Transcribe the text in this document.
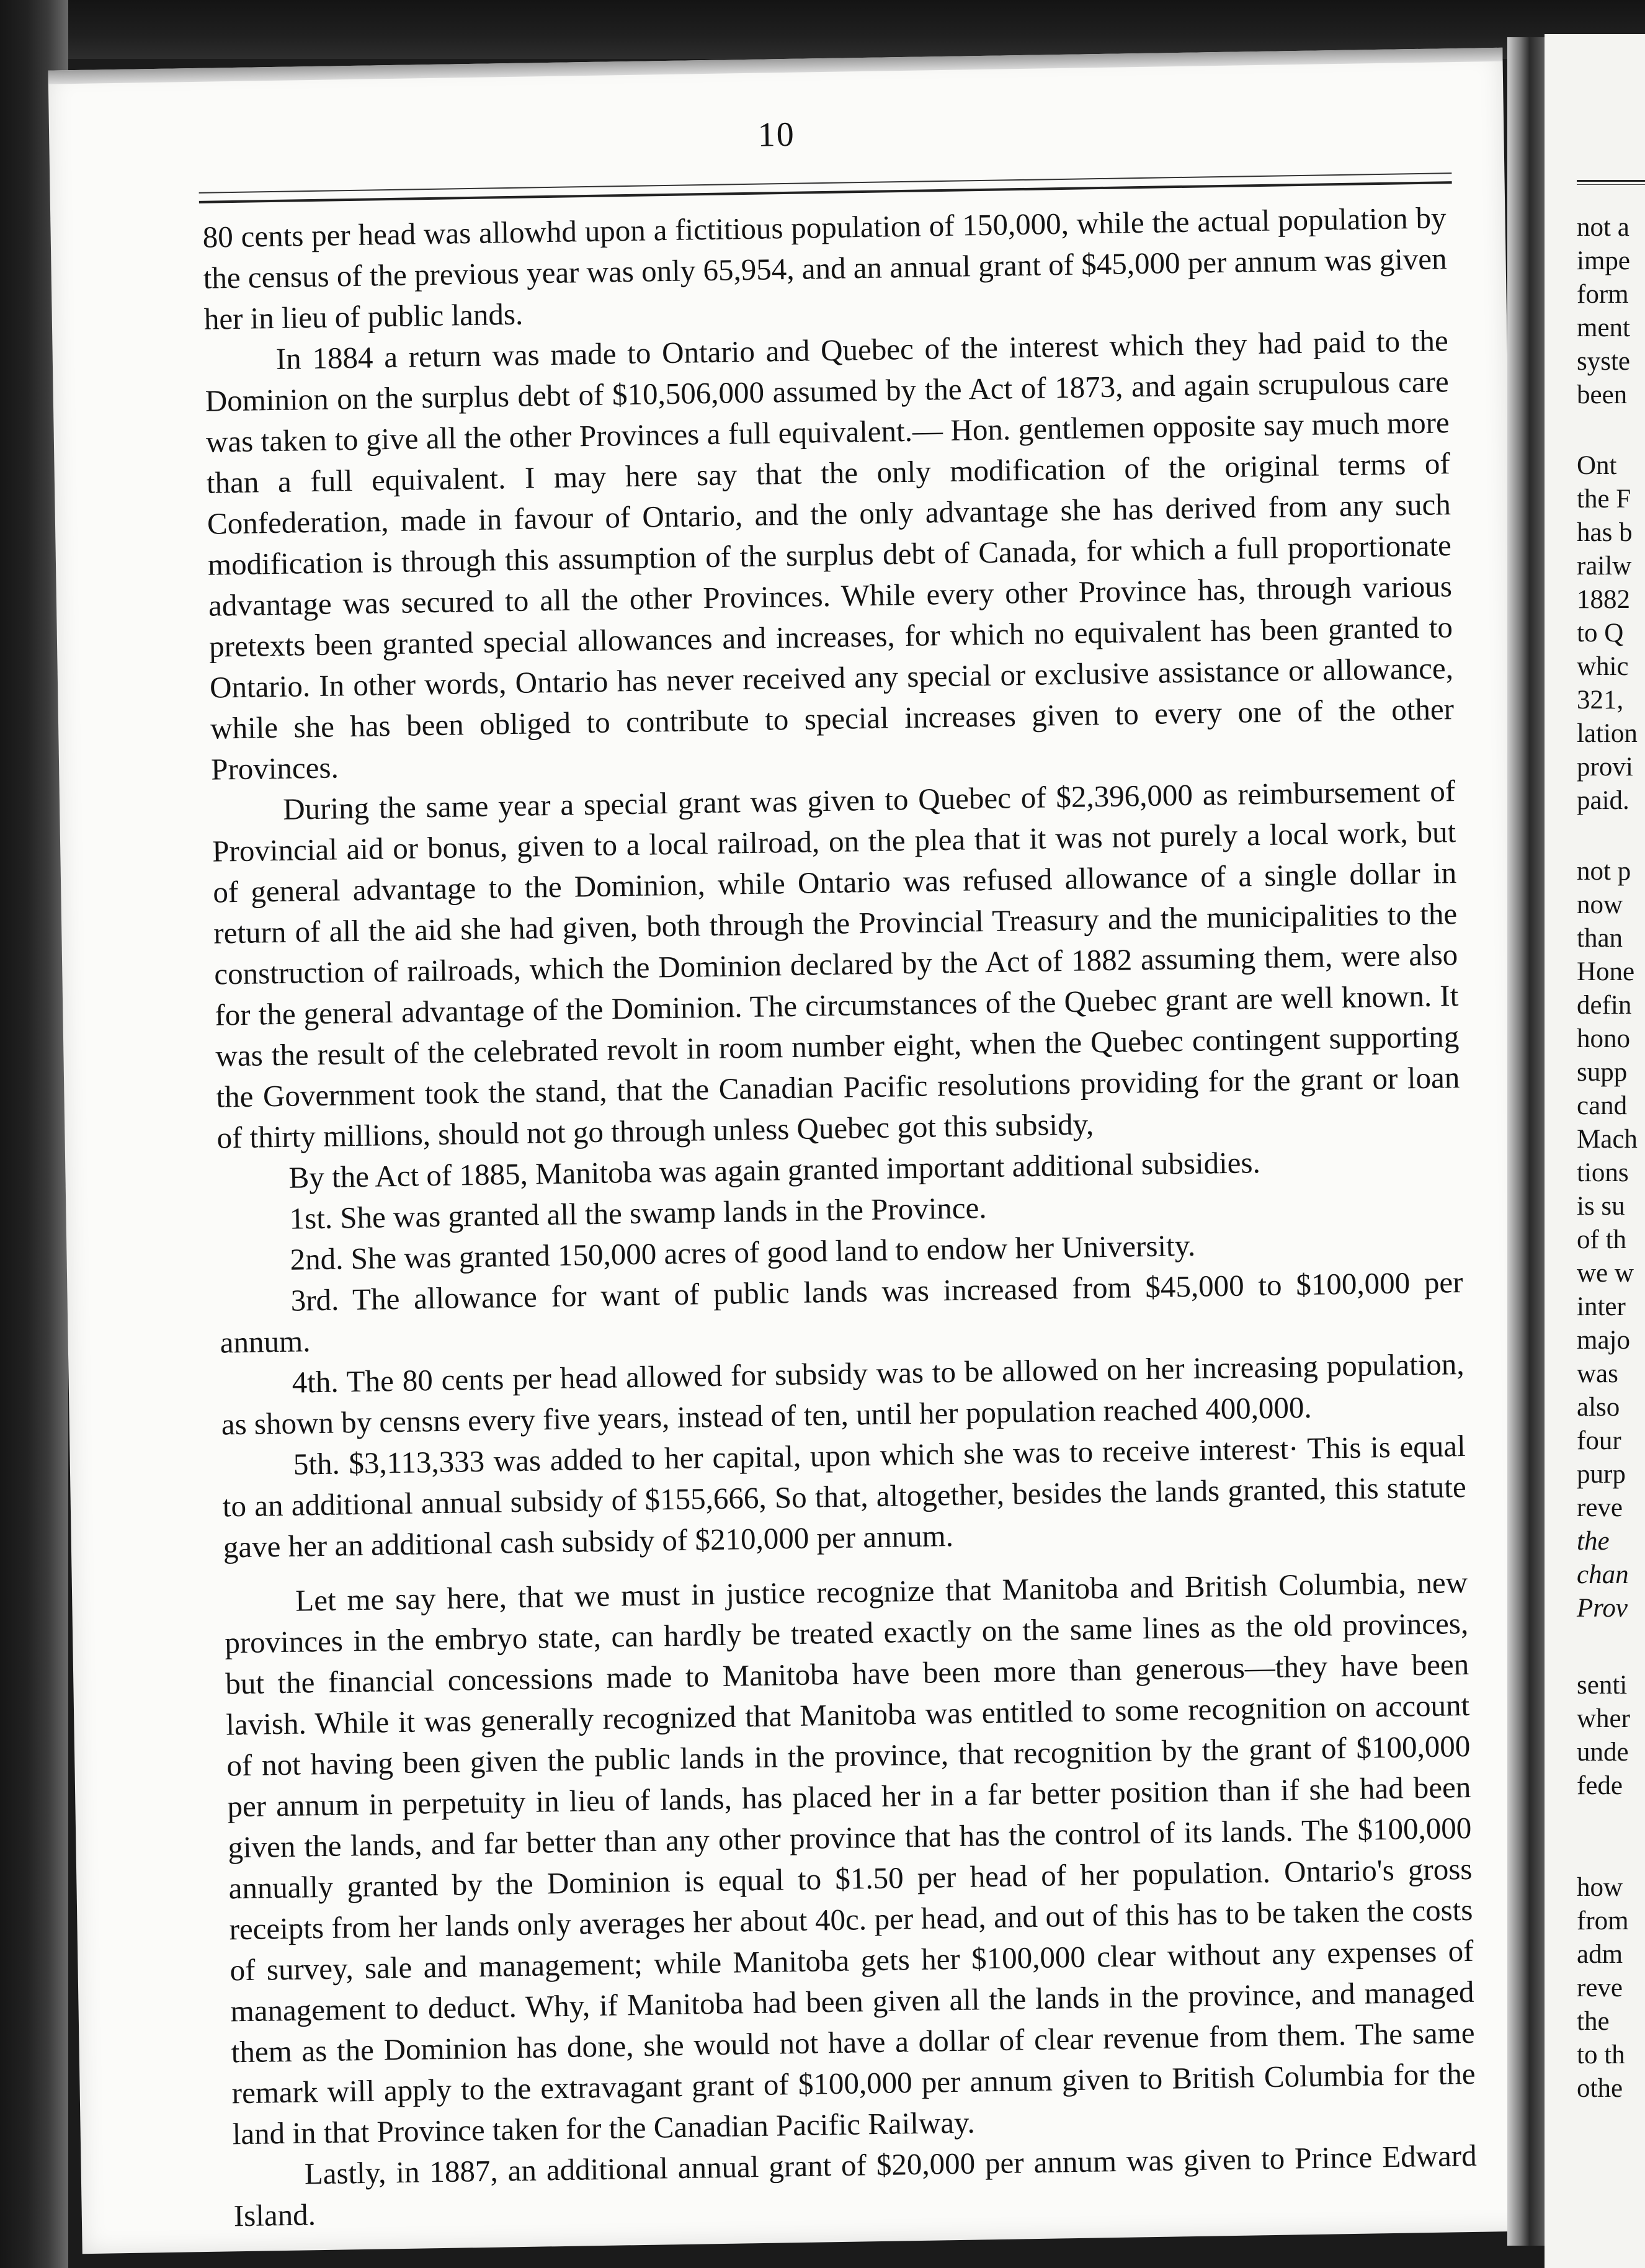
10

80 cents per head was allowhd upon a fictitious population of 150,000, while the actual population by the census of the previous year was only 65,954, and an annual grant of $45,000 per annum was given her in lieu of public lands.

In 1884 a return was made to Ontario and Quebec of the interest which they had paid to the Dominion on the surplus debt of $10,506,000 assumed by the Act of 1873, and again scrupulous care was taken to give all the other Provinces a full equivalent.— Hon. gentlemen opposite say much more than a full equivalent. I may here say that the only modification of the original terms of Confederation, made in favour of Ontario, and the only advantage she has derived from any such modification is through this assumption of the surplus debt of Canada, for which a full proportionate advantage was secured to all the other Provinces. While every other Province has, through various pretexts been granted special allowances and increases, for which no equivalent has been granted to Ontario. In other words, Ontario has never received any special or exclusive assistance or allowance, while she has been obliged to contribute to special increases given to every one of the other Provinces.

During the same year a special grant was given to Quebec of $2,396,000 as reimbursement of Provincial aid or bonus, given to a local railroad, on the plea that it was not purely a local work, but of general advantage to the Dominion, while Ontario was refused allowance of a single dollar in return of all the aid she had given, both through the Provincial Treasury and the municipalities to the construction of railroads, which the Dominion declared by the Act of 1882 assuming them, were also for the general advantage of the Dominion. The circumstances of the Quebec grant are well known. It was the result of the celebrated revolt in room number eight, when the Quebec contingent supporting the Government took the stand, that the Canadian Pacific resolutions providing for the grant or loan of thirty millions, should not go through unless Quebec got this subsidy,

By the Act of 1885, Manitoba was again granted important additional subsidies.

1st. She was granted all the swamp lands in the Province.

2nd. She was granted 150,000 acres of good land to endow her University.

3rd. The allowance for want of public lands was increased from $45,000 to $100,000 per annum.

4th. The 80 cents per head allowed for subsidy was to be allowed on her increasing population, as shown by censns every five years, instead of ten, until her population reached 400,000.

5th. $3,113,333 was added to her capital, upon which she was to receive interest· This is equal to an additional annual subsidy of $155,666, So that, altogether, besides the lands granted, this statute gave her an additional cash subsidy of $210,000 per annum.

Let me say here, that we must in justice recognize that Manitoba and British Columbia, new provinces in the embryo state, can hardly be treated exactly on the same lines as the old provinces, but the financial concessions made to Manitoba have been more than generous—they have been lavish. While it was generally recognized that Manitoba was entitled to some recognition on account of not having been given the public lands in the province, that recognition by the grant of $100,000 per annum in perpetuity in lieu of lands, has placed her in a far better position than if she had been given the lands, and far better than any other province that has the control of its lands. The $100,000 annually granted by the Dominion is equal to $1.50 per head of her population. Ontario's gross receipts from her lands only averages her about 40c. per head, and out of this has to be taken the costs of survey, sale and management; while Manitoba gets her $100,000 clear without any expenses of management to deduct. Why, if Manitoba had been given all the lands in the province, and managed them as the Dominion has done, she would not have a dollar of clear revenue from them. The same remark will apply to the extravagant grant of $100,000 per annum given to British Columbia for the land in that Province taken for the Canadian Pacific Railway.

Lastly, in 1887, an additional annual grant of $20,000 per annum was given to Prince Edward Island.

not a
impe
form
ment
syste
been
Ont
the F
has b
railw
1882
to Q
whic
321,
lation
provi
paid.
not p
now
than
Hone
defin
hono
supp
cand
Mach
tions
is su
of th
we w
inter
majo
was
also
four
purp
reve
the
chan
Prov
senti
wher
unde
fede
how
from
adm
reve
the
to th
othe
